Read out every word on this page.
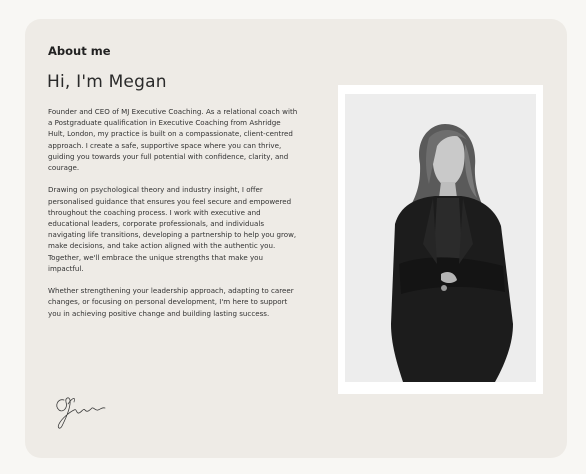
About me
Hi, I'm Megan

Founder and CEO of MJ Executive Coaching. As a relational coach with a Postgraduate qualification in Executive Coaching from Ashridge Hult, London, my practice is built on a compassionate, client-centred approach. I create a safe, supportive space where you can thrive, guiding you towards your full potential with confidence, clarity, and courage.

Drawing on psychological theory and industry insight, I offer personalised guidance that ensures you feel secure and empowered throughout the coaching process. I work with executive and educational leaders, corporate professionals, and individuals navigating life transitions, developing a partnership to help you grow, make decisions, and take action aligned with the authentic you. Together, we'll embrace the unique strengths that make you impactful.

Whether strengthening your leadership approach, adapting to career changes, or focusing on personal development, I'm here to support you in achieving positive change and building lasting success.
